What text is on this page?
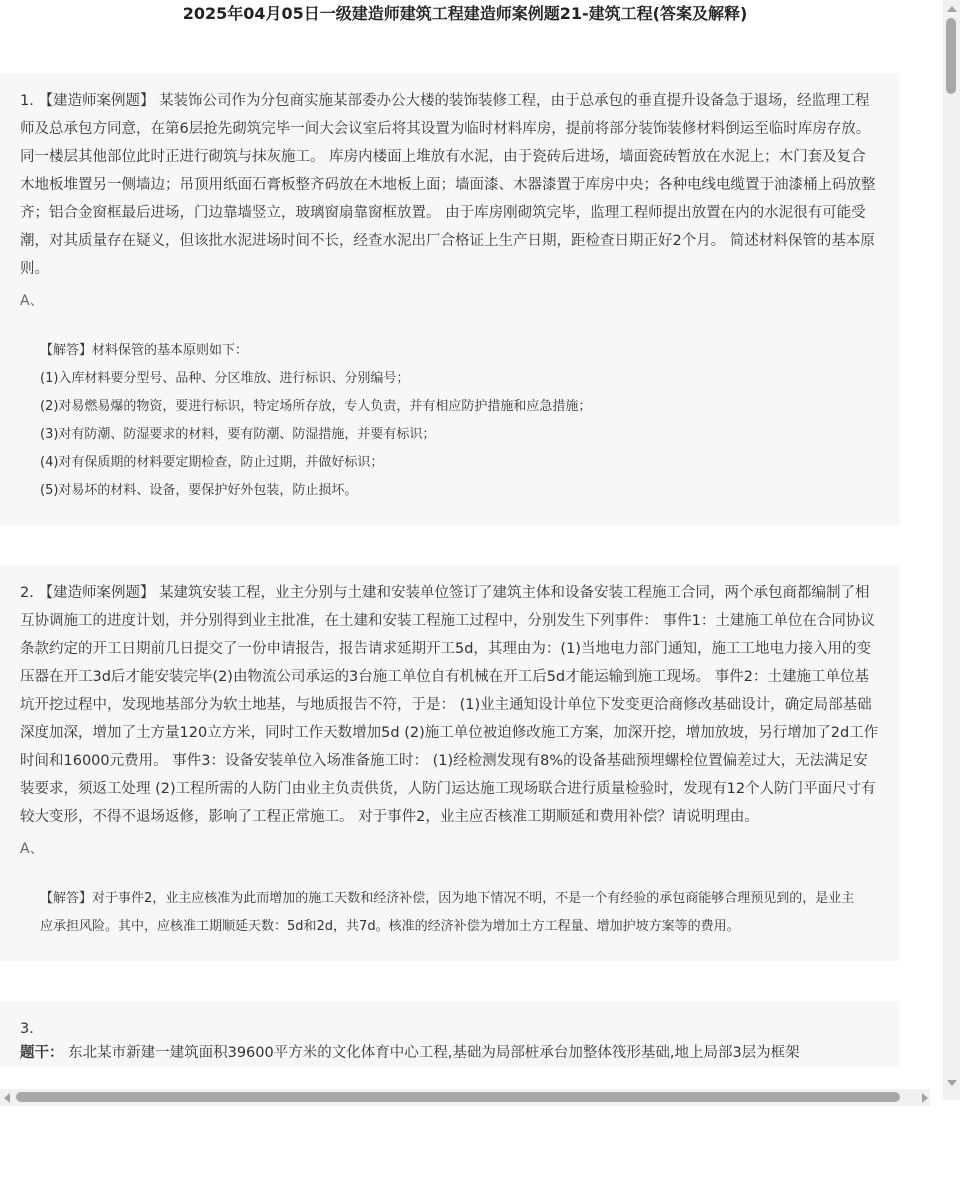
2025年04月05日一级建造师建筑工程建造师案例题21-建筑工程(答案及解释)

1. 【建造师案例题】 某装饰公司作为分包商实施某部委办公大楼的装饰装修工程，由于总承包的垂直提升设备急于退场，经监理工程师及总承包方同意，在第6层抢先砌筑完毕一间大会议室后将其设置为临时材料库房，提前将部分装饰装修材料倒运至临时库房存放。同一楼层其他部位此时正进行砌筑与抹灰施工。 库房内楼面上堆放有水泥，由于瓷砖后进场，墙面瓷砖暂放在水泥上；木门套及复合木地板堆置另一侧墙边；吊顶用纸面石膏板整齐码放在木地板上面；墙面漆、木器漆置于库房中央；各种电线电缆置于油漆桶上码放整齐；铝合金窗框最后进场，门边靠墙竖立，玻璃窗扇靠窗框放置。 由于库房刚砌筑完毕，监理工程师提出放置在内的水泥很有可能受潮，对其质量存在疑义，但该批水泥进场时间不长，经查水泥出厂合格证上生产日期，距检查日期正好2个月。 简述材料保管的基本原则。

A、
【解答】材料保管的基本原则如下：
(1)入库材料要分型号、品种、分区堆放、进行标识、分别编号；
(2)对易燃易爆的物资，要进行标识，特定场所存放，专人负责，并有相应防护措施和应急措施；
(3)对有防潮、防湿要求的材料，要有防潮、防湿措施，并要有标识；
(4)对有保质期的材料要定期检查，防止过期，并做好标识；
(5)对易坏的材料、设备，要保护好外包装，防止损坏。

2. 【建造师案例题】 某建筑安装工程，业主分别与土建和安装单位签订了建筑主体和设备安装工程施工合同，两个承包商都编制了相互协调施工的进度计划，并分别得到业主批准，在土建和安装工程施工过程中，分别发生下列事件： 事件1：土建施工单位在合同协议条款约定的开工日期前几日提交了一份申请报告，报告请求延期开工5d，其理由为：(1)当地电力部门通知，施工工地电力接入用的变压器在开工3d后才能安装完毕(2)由物流公司承运的3台施工单位自有机械在开工后5d才能运输到施工现场。 事件2：土建施工单位基坑开挖过程中，发现地基部分为软土地基，与地质报告不符，于是： (1)业主通知设计单位下发变更洽商修改基础设计，确定局部基础深度加深，增加了土方量120立方米，同时工作天数增加5d (2)施工单位被迫修改施工方案，加深开挖，增加放坡，另行增加了2d工作时间和16000元费用。 事件3：设备安装单位入场准备施工时： (1)经检测发现有8%的设备基础预埋螺栓位置偏差过大，无法满足安装要求，须返工处理 (2)工程所需的人防门由业主负责供货，人防门运达施工现场联合进行质量检验时，发现有12个人防门平面尺寸有较大变形，不得不退场返修，影响了工程正常施工。 对于事件2，业主应否核准工期顺延和费用补偿？请说明理由。

A、
【解答】对于事件2，业主应核准为此而增加的施工天数和经济补偿，因为地下情况不明，不是一个有经验的承包商能够合理预见到的，是业主应承担风险。其中，应核准工期顺延天数：5d和2d，共7d。核准的经济补偿为增加土方工程量、增加护坡方案等的费用。
3.

题干： 东北某市新建一建筑面积39600平方米的文化体育中心工程,基础为局部桩承台加整体筏形基础,地上局部3层为框架
